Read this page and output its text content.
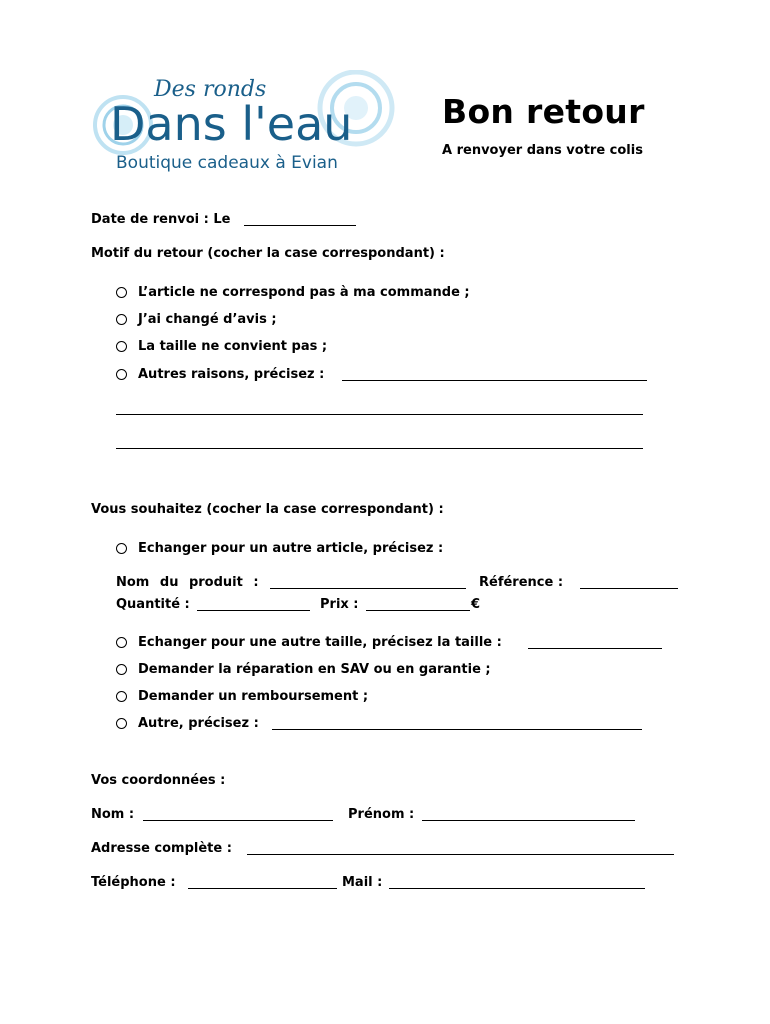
Des ronds
Dans l'eau
Boutique cadeaux à Evian
Bon retour
A renvoyer dans votre colis
Date de renvoi : Le
Motif du retour (cocher la case correspondant) :
L’article ne correspond pas à ma commande ;
J’ai changé d’avis ;
La taille ne convient pas ;
Autres raisons, précisez :
Vous souhaitez (cocher la case correspondant) :
Echanger pour un autre article, précisez :
Nom du produit :	Référence :
Quantité :	Prix :	€
Echanger pour une autre taille, précisez la taille :
Demander la réparation en SAV ou en garantie ;
Demander un remboursement ;
Autre, précisez :
Vos coordonnées :
Nom :	Prénom :
Adresse complète :
Téléphone :	Mail :
